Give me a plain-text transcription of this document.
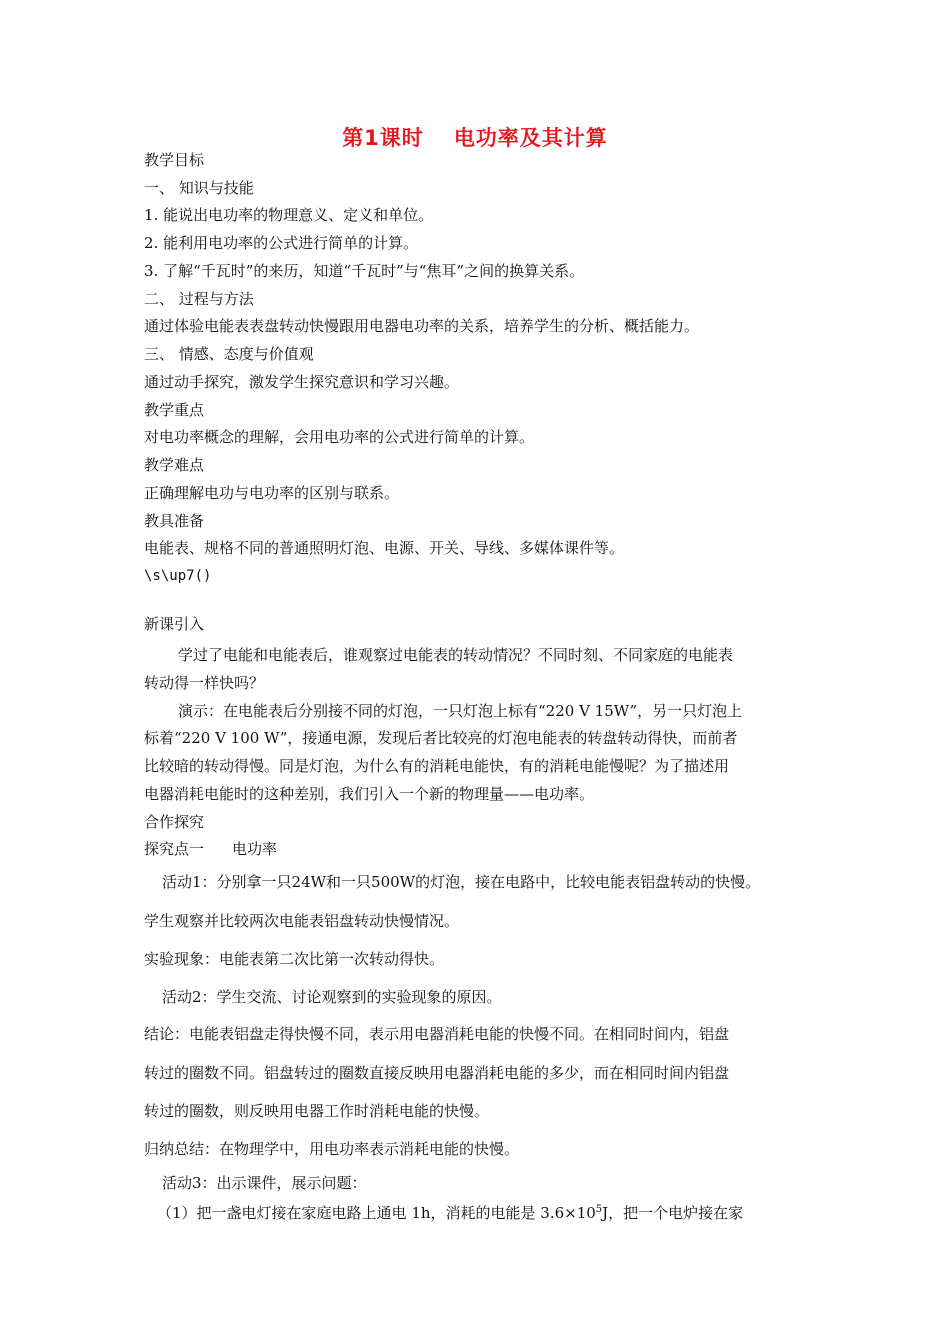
第1课时 电功率及其计算
教学目标
一、 知识与技能
1. 能说出电功率的物理意义、定义和单位。
2. 能利用电功率的公式进行简单的计算。
3. 了解“千瓦时”的来历，知道“千瓦时”与“焦耳”之间的换算关系。
二、 过程与方法
通过体验电能表表盘转动快慢跟用电器电功率的关系，培养学生的分析、概括能力。
三、 情感、态度与价值观
通过动手探究，激发学生探究意识和学习兴趣。
教学重点
对电功率概念的理解，会用电功率的公式进行简单的计算。
教学难点
正确理解电功与电功率的区别与联系。
教具准备
电能表、规格不同的普通照明灯泡、电源、开关、导线、多媒体课件等。
\s\up7()
新课引入
学过了电能和电能表后，谁观察过电能表的转动情况？不同时刻、不同家庭的电能表
转动得一样快吗？
演示：在电能表后分别接不同的灯泡，一只灯泡上标有“220 V 15W”，另一只灯泡上
标着“220 V 100 W”，接通电源，发现后者比较亮的灯泡电能表的转盘转动得快，而前者
比较暗的转动得慢。同是灯泡，为什么有的消耗电能快，有的消耗电能慢呢？为了描述用
电器消耗电能时的这种差别，我们引入一个新的物理量——电功率。
合作探究
探究点一 电功率
活动1：分别拿一只24W和一只500W的灯泡，接在电路中，比较电能表铝盘转动的快慢。
学生观察并比较两次电能表铝盘转动快慢情况。
实验现象：电能表第二次比第一次转动得快。
活动2：学生交流、讨论观察到的实验现象的原因。
结论：电能表铝盘走得快慢不同，表示用电器消耗电能的快慢不同。在相同时间内，铝盘
转过的圈数不同。铝盘转过的圈数直接反映用电器消耗电能的多少，而在相同时间内铝盘
转过的圈数，则反映用电器工作时消耗电能的快慢。
归纳总结：在物理学中，用电功率表示消耗电能的快慢。
活动3：出示课件，展示问题：
（1）把一盏电灯接在家庭电路上通电 1h，消耗的电能是 $3.6\times 10^5J$，把一个电炉接在家
